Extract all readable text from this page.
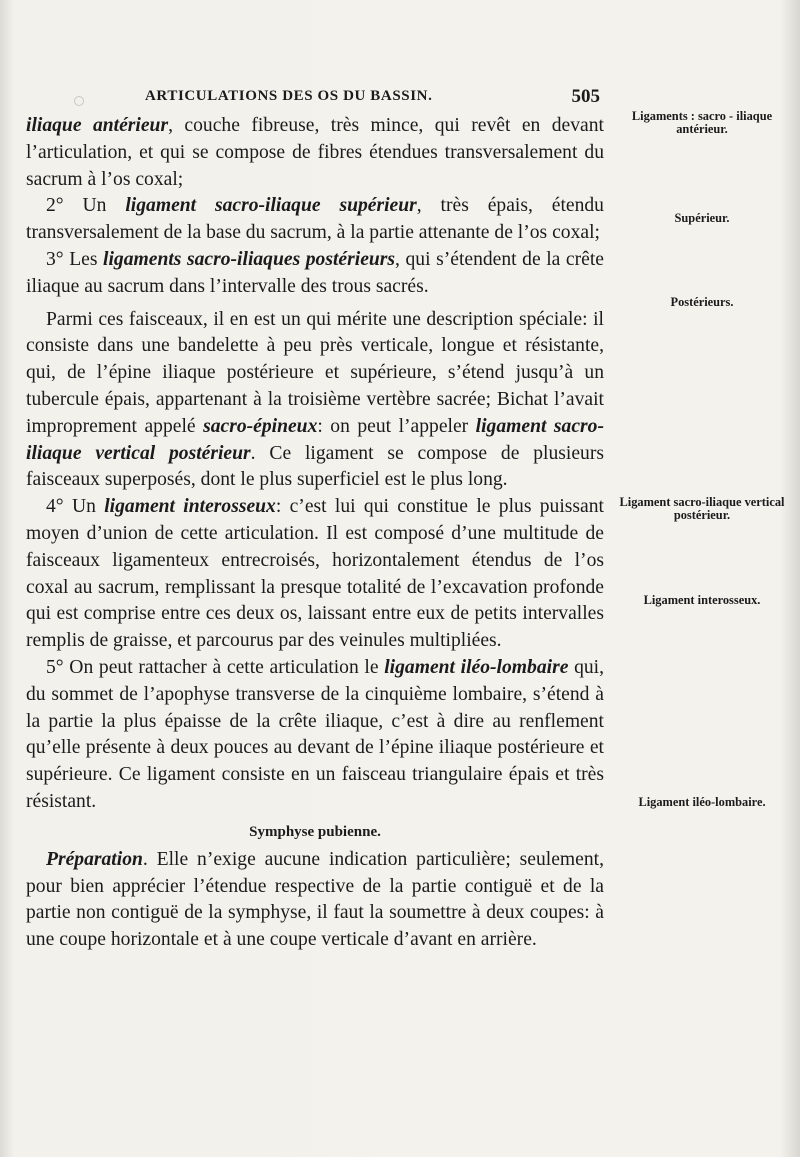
ARTICULATIONS DES OS DU BASSIN.	505

iliaque antérieur, couche fibreuse, très mince, qui revêt en devant l’articulation, et qui se compose de fibres étendues transversalement du sacrum à l’os coxal;

2° Un ligament sacro-iliaque supérieur, très épais, étendu transversalement de la base du sacrum, à la partie attenante de l’os coxal;

3° Les ligaments sacro-iliaques postérieurs, qui s’étendent de la crête iliaque au sacrum dans l’intervalle des trous sacrés.

Parmi ces faisceaux, il en est un qui mérite une description spéciale: il consiste dans une bandelette à peu près verticale, longue et résistante, qui, de l’épine iliaque postérieure et supérieure, s’étend jusqu’à un tubercule épais, appartenant à la troisième vertèbre sacrée; Bichat l’avait improprement appelé sacro-épineux: on peut l’appeler ligament sacro-iliaque vertical postérieur. Ce ligament se compose de plusieurs faisceaux superposés, dont le plus superficiel est le plus long.

4° Un ligament interosseux: c’est lui qui constitue le plus puissant moyen d’union de cette articulation. Il est composé d’une multitude de faisceaux ligamenteux entrecroisés, horizontalement étendus de l’os coxal au sacrum, remplissant la presque totalité de l’excavation profonde qui est comprise entre ces deux os, laissant entre eux de petits intervalles remplis de graisse, et parcourus par des veinules multipliées.

5° On peut rattacher à cette articulation le ligament iléo-lombaire qui, du sommet de l’apophyse transverse de la cinquième lombaire, s’étend à la partie la plus épaisse de la crête iliaque, c’est à dire au renflement qu’elle présente à deux pouces au devant de l’épine iliaque postérieure et supérieure. Ce ligament consiste en un faisceau triangulaire épais et très résistant.

Symphyse pubienne.

Préparation. Elle n’exige aucune indication particulière; seulement, pour bien apprécier l’étendue respective de la partie contiguë et de la partie non contiguë de la symphyse, il faut la soumettre à deux coupes: à une coupe horizontale et à une coupe verticale d’avant en arrière.

Ligaments : sacro - iliaque antérieur.
Supérieur.
Postérieurs.
Ligament sacro-iliaque vertical postérieur.
Ligament interosseux.
Ligament iléo-lombaire.
